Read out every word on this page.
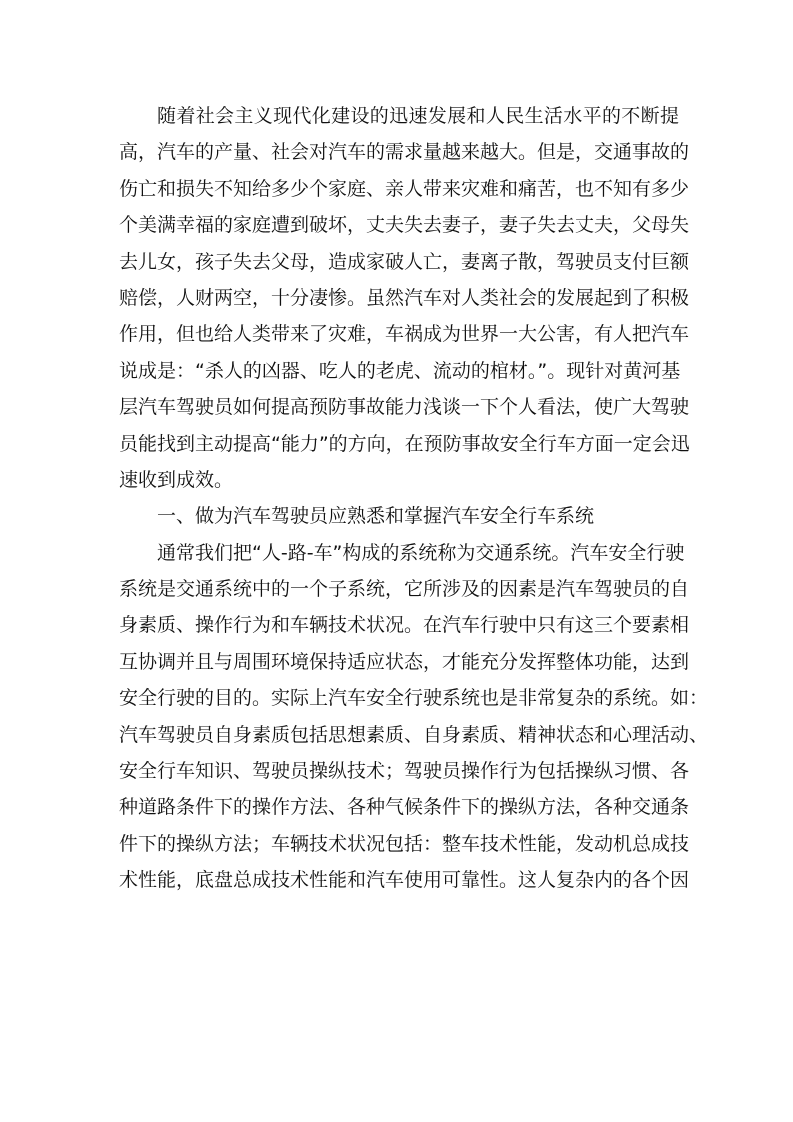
随着社会主义现代化建设的迅速发展和人民生活水平的不断提
高，汽车的产量、社会对汽车的需求量越来越大。但是，交通事故的
伤亡和损失不知给多少个家庭、亲人带来灾难和痛苦，也不知有多少
个美满幸福的家庭遭到破坏，丈夫失去妻子，妻子失去丈夫，父母失
去儿女，孩子失去父母，造成家破人亡，妻离子散，驾驶员支付巨额
赔偿，人财两空，十分凄惨。虽然汽车对人类社会的发展起到了积极
作用，但也给人类带来了灾难，车祸成为世界一大公害，有人把汽车
说成是：“杀人的凶器、吃人的老虎、流动的棺材。”。现针对黄河基
层汽车驾驶员如何提高预防事故能力浅谈一下个人看法，使广大驾驶
员能找到主动提高“能力”的方向，在预防事故安全行车方面一定会迅
速收到成效。
一、做为汽车驾驶员应熟悉和掌握汽车安全行车系统
通常我们把“人-路-车”构成的系统称为交通系统。汽车安全行驶
系统是交通系统中的一个子系统，它所涉及的因素是汽车驾驶员的自
身素质、操作行为和车辆技术状况。在汽车行驶中只有这三个要素相
互协调并且与周围环境保持适应状态，才能充分发挥整体功能，达到
安全行驶的目的。实际上汽车安全行驶系统也是非常复杂的系统。如：
汽车驾驶员自身素质包括思想素质、自身素质、精神状态和心理活动、
安全行车知识、驾驶员操纵技术；驾驶员操作行为包括操纵习惯、各
种道路条件下的操作方法、各种气候条件下的操纵方法，各种交通条
件下的操纵方法；车辆技术状况包括：整车技术性能，发动机总成技
术性能，底盘总成技术性能和汽车使用可靠性。这人复杂内的各个因
